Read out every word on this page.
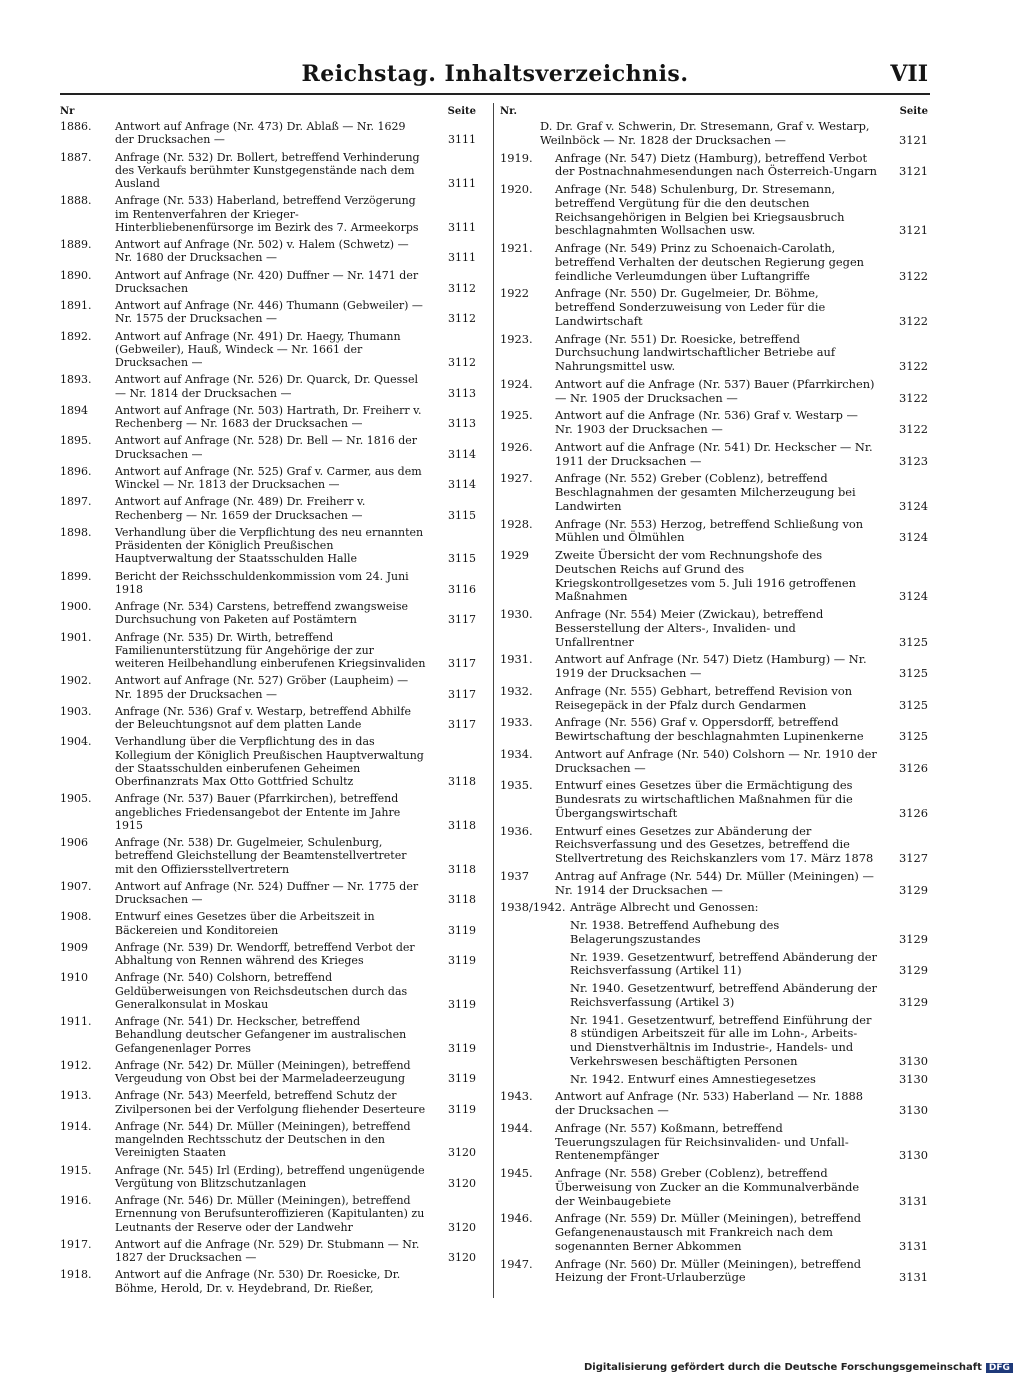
Reichstag. Inhaltsverzeichnis.	VII
Nr	Seite
1886.	Antwort auf Anfrage (Nr. 473) Dr. Ablaß — Nr. 1629 der Drucksachen —	3111
1887.	Anfrage (Nr. 532) Dr. Bollert, betreffend Verhinderung des Verkaufs berühmter Kunstgegenstände nach dem Ausland	3111
1888.	Anfrage (Nr. 533) Haberland, betreffend Verzögerung im Rentenverfahren der Krieger-Hinterbliebenenfürsorge im Bezirk des 7. Armeekorps	3111
1889.	Antwort auf Anfrage (Nr. 502) v. Halem (Schwetz) — Nr. 1680 der Drucksachen —	3111
1890.	Antwort auf Anfrage (Nr. 420) Duffner — Nr. 1471 der Drucksachen	3112
1891.	Antwort auf Anfrage (Nr. 446) Thumann (Gebweiler) — Nr. 1575 der Drucksachen —	3112
1892.	Antwort auf Anfrage (Nr. 491) Dr. Haegy, Thumann (Gebweiler), Hauß, Windeck — Nr. 1661 der Drucksachen —	3112
1893.	Antwort auf Anfrage (Nr. 526) Dr. Quarck, Dr. Quessel — Nr. 1814 der Drucksachen —	3113
1894	Antwort auf Anfrage (Nr. 503) Hartrath, Dr. Freiherr v. Rechenberg — Nr. 1683 der Drucksachen —	3113
1895.	Antwort auf Anfrage (Nr. 528) Dr. Bell — Nr. 1816 der Drucksachen —	3114
1896.	Antwort auf Anfrage (Nr. 525) Graf v. Carmer, aus dem Winckel — Nr. 1813 der Drucksachen —	3114
1897.	Antwort auf Anfrage (Nr. 489) Dr. Freiherr v. Rechenberg — Nr. 1659 der Drucksachen —	3115
1898.	Verhandlung über die Verpflichtung des neu ernannten Präsidenten der Königlich Preußischen Hauptverwaltung der Staatsschulden Halle	3115
1899.	Bericht der Reichsschuldenkommission vom 24. Juni 1918	3116
1900.	Anfrage (Nr. 534) Carstens, betreffend zwangsweise Durchsuchung von Paketen auf Postämtern	3117
1901.	Anfrage (Nr. 535) Dr. Wirth, betreffend Familienunterstützung für Angehörige der zur weiteren Heilbehandlung einberufenen Kriegsinvaliden	3117
1902.	Antwort auf Anfrage (Nr. 527) Gröber (Laupheim) — Nr. 1895 der Drucksachen —	3117
1903.	Anfrage (Nr. 536) Graf v. Westarp, betreffend Abhilfe der Beleuchtungsnot auf dem platten Lande	3117
1904.	Verhandlung über die Verpflichtung des in das Kollegium der Königlich Preußischen Hauptverwaltung der Staatsschulden einberufenen Geheimen Oberfinanzrats Max Otto Gottfried Schultz	3118
1905.	Anfrage (Nr. 537) Bauer (Pfarrkirchen), betreffend angebliches Friedensangebot der Entente im Jahre 1915	3118
1906	Anfrage (Nr. 538) Dr. Gugelmeier, Schulenburg, betreffend Gleichstellung der Beamtenstellvertreter mit den Offiziersstellvertretern	3118
1907.	Antwort auf Anfrage (Nr. 524) Duffner — Nr. 1775 der Drucksachen —	3118
1908.	Entwurf eines Gesetzes über die Arbeitszeit in Bäckereien und Konditoreien	3119
1909	Anfrage (Nr. 539) Dr. Wendorff, betreffend Verbot der Abhaltung von Rennen während des Krieges	3119
1910	Anfrage (Nr. 540) Colshorn, betreffend Geldüberweisungen von Reichsdeutschen durch das Generalkonsulat in Moskau	3119
1911.	Anfrage (Nr. 541) Dr. Heckscher, betreffend Behandlung deutscher Gefangener im australischen Gefangenenlager Porres	3119
1912.	Anfrage (Nr. 542) Dr. Müller (Meiningen), betreffend Vergeudung von Obst bei der Marmeladeerzeugung	3119
1913.	Anfrage (Nr. 543) Meerfeld, betreffend Schutz der Zivilpersonen bei der Verfolgung fliehender Deserteure	3119
1914.	Anfrage (Nr. 544) Dr. Müller (Meiningen), betreffend mangelnden Rechtsschutz der Deutschen in den Vereinigten Staaten	3120
1915.	Anfrage (Nr. 545) Irl (Erding), betreffend ungenügende Vergütung von Blitzschutzanlagen	3120
1916.	Anfrage (Nr. 546) Dr. Müller (Meiningen), betreffend Ernennung von Berufsunteroffizieren (Kapitulanten) zu Leutnants der Reserve oder der Landwehr	3120
1917.	Antwort auf die Anfrage (Nr. 529) Dr. Stubmann — Nr. 1827 der Drucksachen —	3120
1918.	Antwort auf die Anfrage (Nr. 530) Dr. Roesicke, Dr. Böhme, Herold, Dr. v. Heydebrand, Dr. Rießer,
Nr.	Seite
D. Dr. Graf v. Schwerin, Dr. Stresemann, Graf v. Westarp, Weilnböck — Nr. 1828 der Drucksachen —	3121
1919.	Anfrage (Nr. 547) Dietz (Hamburg), betreffend Verbot der Postnachnahmesendungen nach Österreich-Ungarn	3121
1920.	Anfrage (Nr. 548) Schulenburg, Dr. Stresemann, betreffend Vergütung für die den deutschen Reichsangehörigen in Belgien bei Kriegsausbruch beschlagnahmten Wollsachen usw.	3121
1921.	Anfrage (Nr. 549) Prinz zu Schoenaich-Carolath, betreffend Verhalten der deutschen Regierung gegen feindliche Verleumdungen über Luftangriffe	3122
1922	Anfrage (Nr. 550) Dr. Gugelmeier, Dr. Böhme, betreffend Sonderzuweisung von Leder für die Landwirtschaft	3122
1923.	Anfrage (Nr. 551) Dr. Roesicke, betreffend Durchsuchung landwirtschaftlicher Betriebe auf Nahrungsmittel usw.	3122
1924.	Antwort auf die Anfrage (Nr. 537) Bauer (Pfarrkirchen) — Nr. 1905 der Drucksachen —	3122
1925.	Antwort auf die Anfrage (Nr. 536) Graf v. Westarp — Nr. 1903 der Drucksachen —	3122
1926.	Antwort auf die Anfrage (Nr. 541) Dr. Heckscher — Nr. 1911 der Drucksachen —	3123
1927.	Anfrage (Nr. 552) Greber (Coblenz), betreffend Beschlagnahmen der gesamten Milcherzeugung bei Landwirten	3124
1928.	Anfrage (Nr. 553) Herzog, betreffend Schließung von Mühlen und Ölmühlen	3124
1929	Zweite Übersicht der vom Rechnungshofe des Deutschen Reichs auf Grund des Kriegskontrollgesetzes vom 5. Juli 1916 getroffenen Maßnahmen	3124
1930.	Anfrage (Nr. 554) Meier (Zwickau), betreffend Besserstellung der Alters-, Invaliden- und Unfallrentner	3125
1931.	Antwort auf Anfrage (Nr. 547) Dietz (Hamburg) — Nr. 1919 der Drucksachen —	3125
1932.	Anfrage (Nr. 555) Gebhart, betreffend Revision von Reisegepäck in der Pfalz durch Gendarmen	3125
1933.	Anfrage (Nr. 556) Graf v. Oppersdorff, betreffend Bewirtschaftung der beschlagnahmten Lupinenkerne	3125
1934.	Antwort auf Anfrage (Nr. 540) Colshorn — Nr. 1910 der Drucksachen —	3126
1935.	Entwurf eines Gesetzes über die Ermächtigung des Bundesrats zu wirtschaftlichen Maßnahmen für die Übergangswirtschaft	3126
1936.	Entwurf eines Gesetzes zur Abänderung der Reichsverfassung und des Gesetzes, betreffend die Stellvertretung des Reichskanzlers vom 17. März 1878	3127
1937	Antrag auf Anfrage (Nr. 544) Dr. Müller (Meiningen) — Nr. 1914 der Drucksachen —	3129
1938/1942. Anträge Albrecht und Genossen:
Nr. 1938. Betreffend Aufhebung des Belagerungszustandes	3129
Nr. 1939. Gesetzentwurf, betreffend Abänderung der Reichsverfassung (Artikel 11)	3129
Nr. 1940. Gesetzentwurf, betreffend Abänderung der Reichsverfassung (Artikel 3)	3129
Nr. 1941. Gesetzentwurf, betreffend Einführung der 8 stündigen Arbeitszeit für alle im Lohn-, Arbeits- und Dienstverhältnis im Industrie-, Handels- und Verkehrswesen beschäftigten Personen	3130
Nr. 1942. Entwurf eines Amnestiegesetzes	3130
1943.	Antwort auf Anfrage (Nr. 533) Haberland — Nr. 1888 der Drucksachen —	3130
1944.	Anfrage (Nr. 557) Koßmann, betreffend Teuerungszulagen für Reichsinvaliden- und Unfall-Rentenempfänger	3130
1945.	Anfrage (Nr. 558) Greber (Coblenz), betreffend Überweisung von Zucker an die Kommunalverbände der Weinbaugebiete	3131
1946.	Anfrage (Nr. 559) Dr. Müller (Meiningen), betreffend Gefangenenaustausch mit Frankreich nach dem sogenannten Berner Abkommen	3131
1947.	Anfrage (Nr. 560) Dr. Müller (Meiningen), betreffend Heizung der Front-Urlauberzüge	3131
Digitalisierung gefördert durch die Deutsche Forschungsgemeinschaft DFG
